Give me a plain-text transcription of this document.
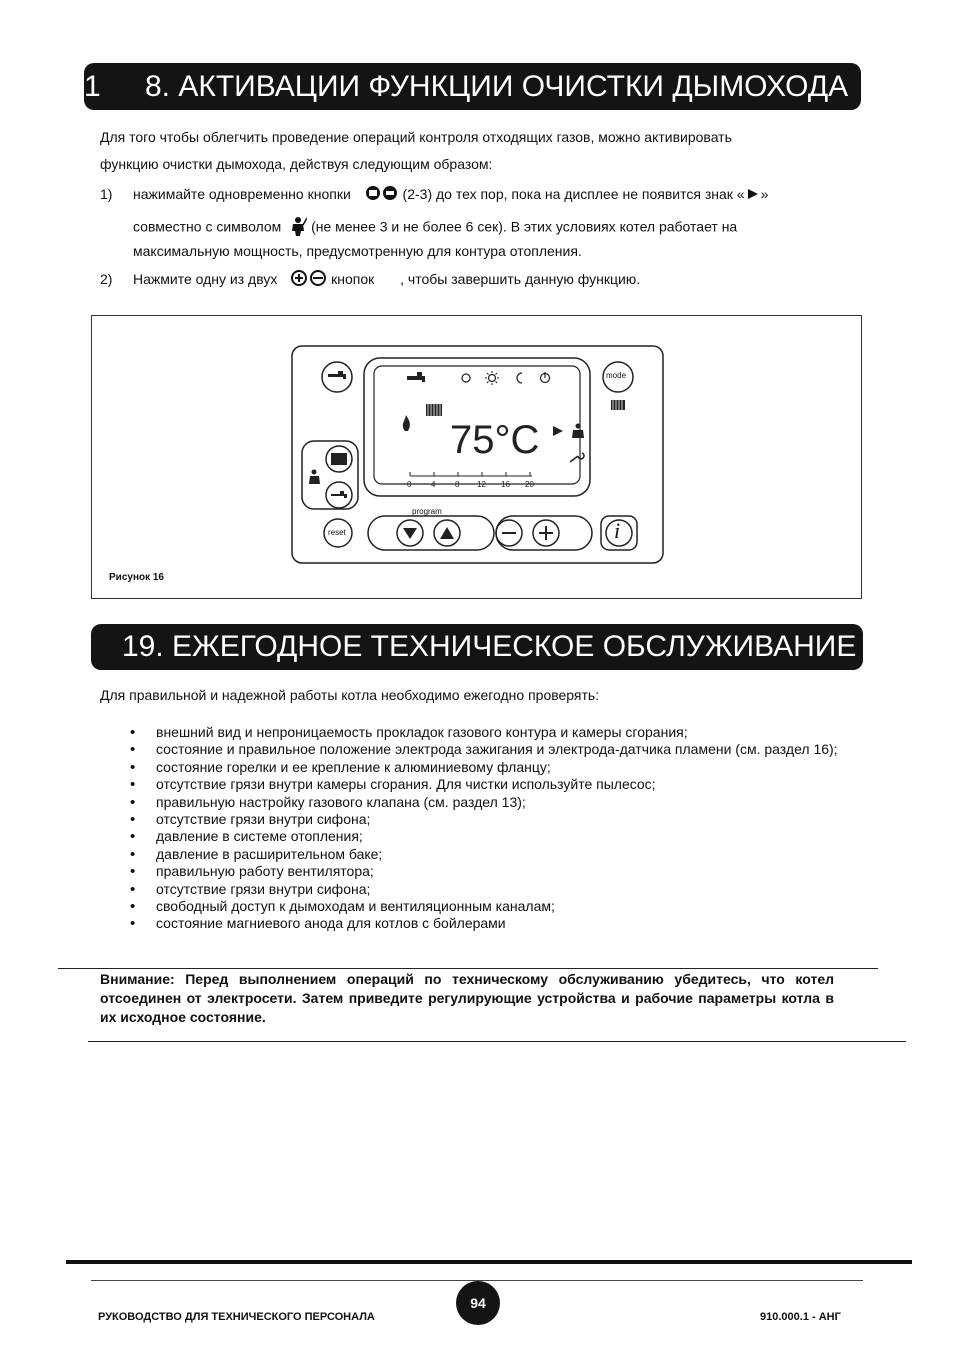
1 8. АКТИВАЦИИ ФУНКЦИИ ОЧИСТКИ ДЫМОХОДА
Для того чтобы облегчить проведение операций контроля отходящих газов, можно активировать
функцию очистки дымохода, действуя следующим образом:
1) нажимайте одновременно кнопки	(2-3) до тех пор, пока на дисплее не появится знак « »
совместно с символом (не менее 3 и не более 6 сек). В этих условиях котел работает на
максимальную мощность, предусмотренную для контура отопления.
2) Нажмите одну из двух	кнопок , чтобы завершить данную функцию.
75°C
0 4 8 12 16 20
program
mode
reset	i
Рисунок 16
19. ЕЖЕГОДНОЕ ТЕХНИЧЕСКОЕ ОБСЛУЖИВАНИЕ
Для правильной и надежной работы котла необходимо ежегодно проверять:
• внешний вид и непроницаемость прокладок газового контура и камеры сгорания;
• состояние и правильное положение электрода зажигания и электрода-датчика пламени (см. раздел 16);
• состояние горелки и ее крепление к алюминиевому фланцу;
• отсутствие грязи внутри камеры сгорания. Для чистки используйте пылесос;
• правильную настройку газового клапана (см. раздел 13);
• отсутствие грязи внутри сифона;
• давление в системе отопления;
• давление в расширительном баке;
• правильную работу вентилятора;
• отсутствие грязи внутри сифона;
• свободный доступ к дымоходам и вентиляционным каналам;
• состояние магниевого анода для котлов с бойлерами
Внимание: Перед выполнением операций по техническому обслуживанию убедитесь, что котел отсоединен от электросети. Затем приведите регулирующие устройства и рабочие параметры котла в их исходное состояние.
94
РУКОВОДСТВО ДЛЯ ТЕХНИЧЕСКОГО ПЕРСОНАЛА	910.000.1 - АНГ
